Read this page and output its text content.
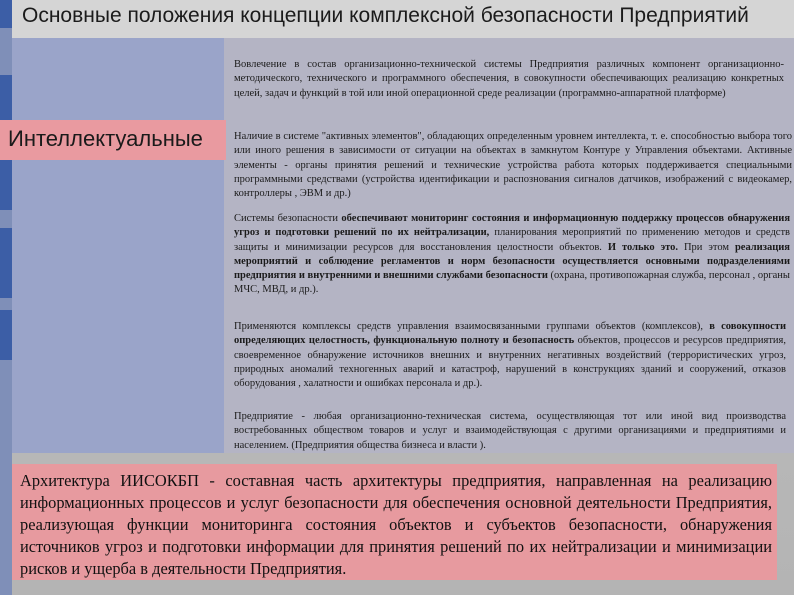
Основные положения концепции комплексной безопасности Предприятий
Интеллектуальные

Вовлечение в состав организационно-технической системы Предприятия различных компонент организационно-методического, технического и программного обеспечения, в совокупности обеспечивающих реализацию конкретных целей, задач и функций в той или иной операционной среде реализации (программно-аппаратной платформе)

Наличие в системе "активных элементов", обладающих определенным уровнем интеллекта, т. е. способностью выбора того или иного решения в зависимости от ситуации на объектах в замкнутом Контуре у Управления объектами. Активные элементы - органы принятия решений и технические устройства работа которых поддерживается специальными программными средствами (устройства идентификации и распознования сигналов датчиков, изображений с видеокамер, контроллеры , ЭВМ и др.)

Системы безопасности обеспечивают мониторинг состояния и информационную поддержку процессов обнаружения угроз и подготовки решений по их нейтрализации, планирования мероприятий по применению методов и средств защиты и минимизации ресурсов для восстановления целостности объектов. И только это. При этом реализация мероприятий и соблюдение регламентов и норм безопасности осуществляется основными подразделениями предприятия и внутренними и внешними службами безопасности (охрана, противопожарная служба, персонал , органы МЧС, МВД, и др.).

Применяются комплексы средств управления взаимосвязанными группами объектов (комплексов), в совокупности определяющих целостность, функциональную полноту и безопасность объектов, процессов и ресурсов предприятия, своевременное обнаружение источников внешних и внутренних негативных воздействий (террористических угроз, природных аномалий техногенных аварий и катастроф, нарушений в конструкциях зданий и сооружений, отказов оборудования , халатности и ошибках персонала и др.).

Предприятие - любая организационно-техническая система, осуществляющая тот или иной вид производства востребованных обществом товаров и услуг и взаимодействующая с другими организациями и предприятиями и населением. (Предприятия общества бизнеса и власти ).

Архитектура ИИСОКБП - составная часть архитектуры предприятия, направленная на реализацию информационных процессов и услуг безопасности для обеспечения основной деятельности Предприятия, реализующая функции мониторинга состояния объектов и субъектов безопасности, обнаружения источников угроз и подготовки информации для принятия решений по их нейтрализации и минимизации рисков и ущерба в деятельности Предприятия.
